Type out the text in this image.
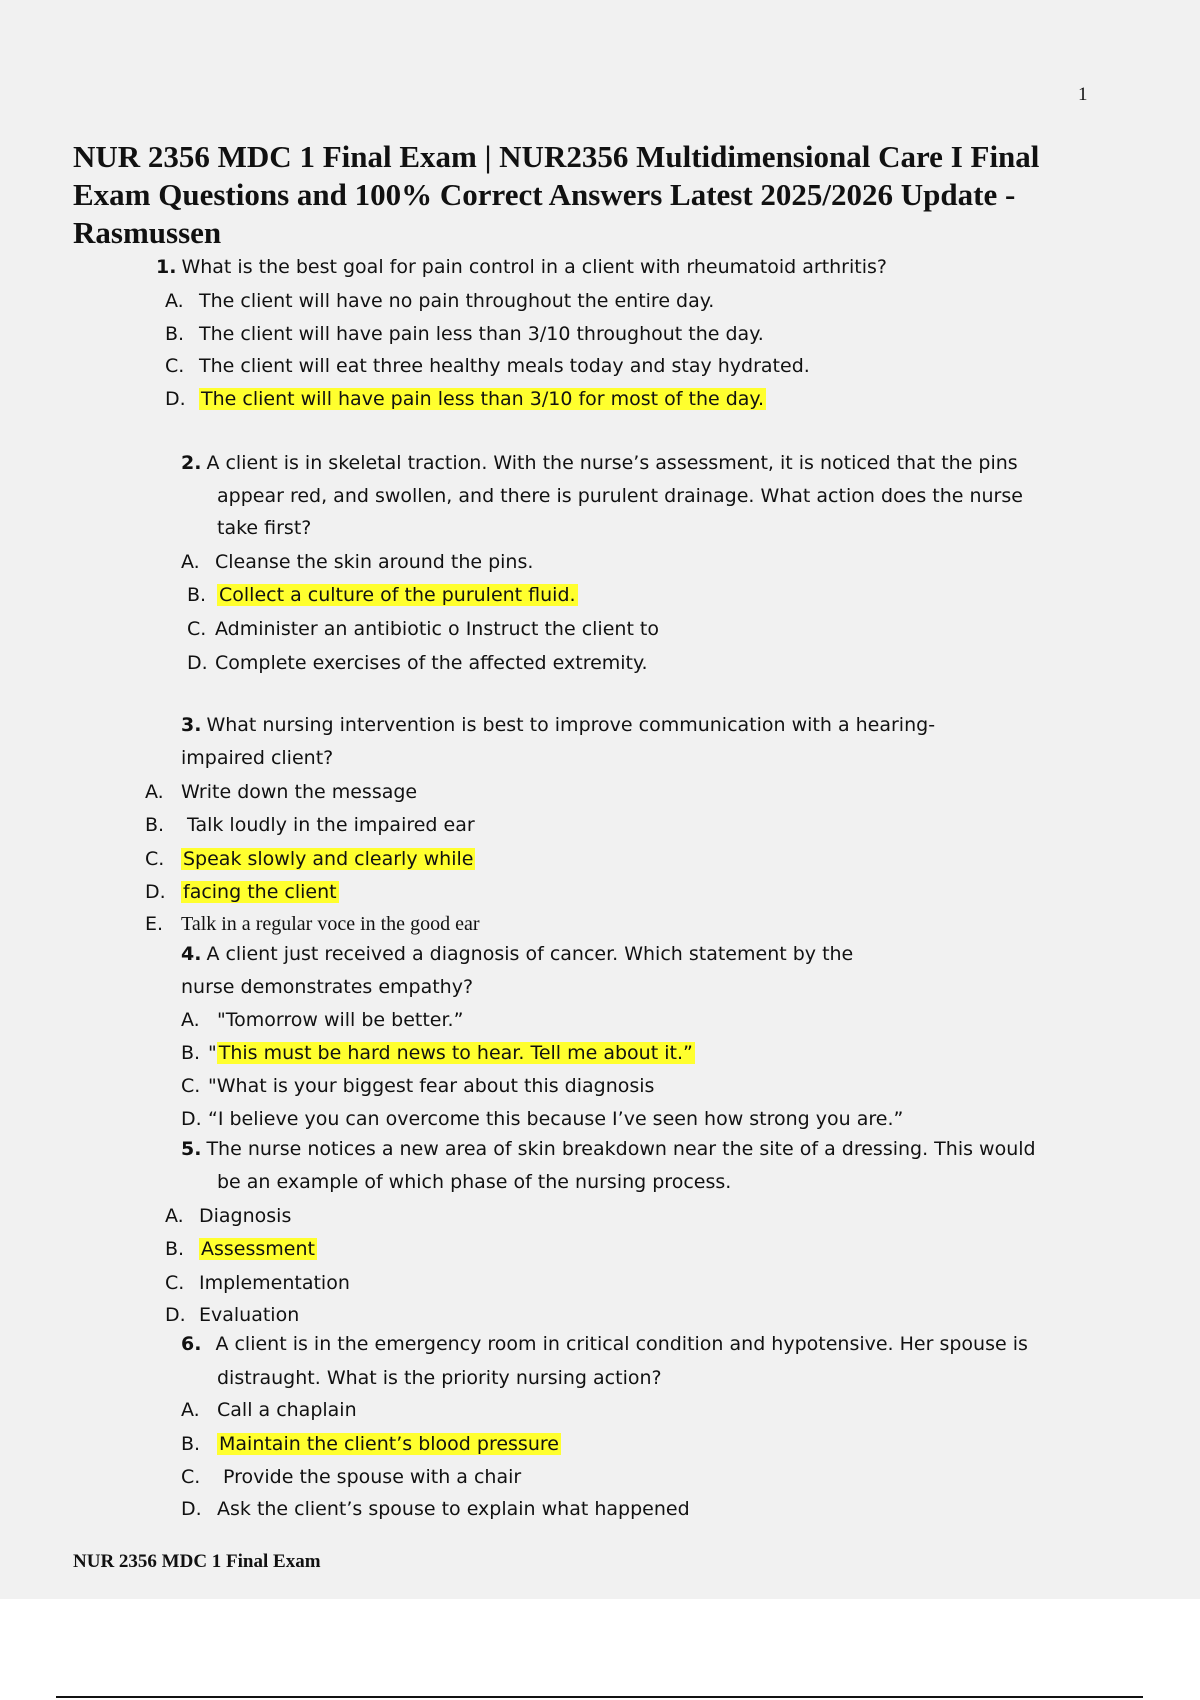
1
NUR 2356 MDC 1 Final Exam | NUR2356 Multidimensional Care I Final Exam Questions and 100% Correct Answers Latest 2025/2026 Update - Rasmussen
1. What is the best goal for pain control in a client with rheumatoid arthritis?
A. The client will have no pain throughout the entire day.
B. The client will have pain less than 3/10 throughout the day.
C. The client will eat three healthy meals today and stay hydrated.
D. The client will have pain less than 3/10 for most of the day.
2. A client is in skeletal traction. With the nurse’s assessment, it is noticed that the pins
appear red, and swollen, and there is purulent drainage. What action does the nurse
take first?
A. Cleanse the skin around the pins.
B. Collect a culture of the purulent fluid.
C. Administer an antibiotic o Instruct the client to
D. Complete exercises of the affected extremity.
3. What nursing intervention is best to improve communication with a hearing-
impaired client?
A. Write down the message
B. Talk loudly in the impaired ear
C. Speak slowly and clearly while
D. facing the client
E. Talk in a regular voce in the good ear
4. A client just received a diagnosis of cancer. Which statement by the
nurse demonstrates empathy?
A. "Tomorrow will be better.”
B. " This must be hard news to hear. Tell me about it.”
C. "What is your biggest fear about this diagnosis
D. “I believe you can overcome this because I’ve seen how strong you are.”
5. The nurse notices a new area of skin breakdown near the site of a dressing. This would
be an example of which phase of the nursing process.
A. Diagnosis
B. Assessment
C. Implementation
D. Evaluation
6. A client is in the emergency room in critical condition and hypotensive. Her spouse is
distraught. What is the priority nursing action?
A. Call a chaplain
B. Maintain the client’s blood pressure
C. Provide the spouse with a chair
D. Ask the client’s spouse to explain what happened
NUR 2356 MDC 1 Final Exam
